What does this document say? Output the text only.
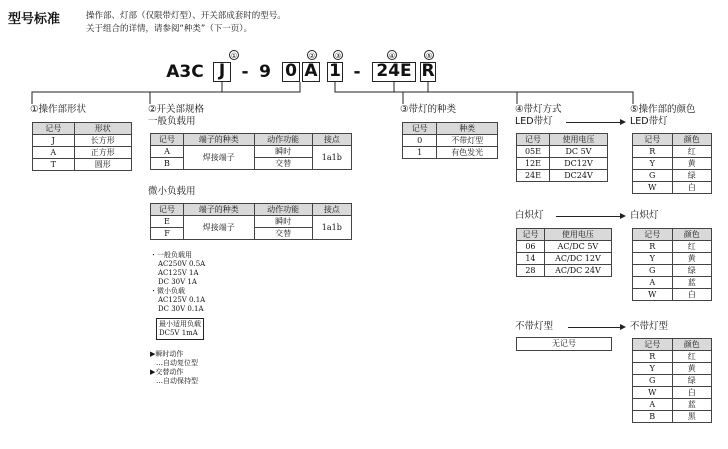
型号标准	操作部、灯部（仅限带灯型）、开关部成套时的型号。
关于组合的详情，请参阅“种类”（下一页）。
①	②	③	④	⑤
A3C J - 9 0 A 1 - 24E R
①操作部形状
记号	形状
J	长方形
A	正方形
T	圆形
②开关部规格
一般负载用
记号	端子的种类	动作功能	接点
A	焊接端子	瞬时	1a1b
B		交替	
微小负载用
记号	端子的种类	动作功能	接点
E	焊接端子	瞬时	1a1b
F		交替	
・一般负载用
AC250V 0.5A
AC125V 1A
DC 30V 1A
・微小负载
AC125V 0.1A
DC 30V 0.1A
最小适用负载
DC5V 1mA
▶瞬时动作
…自动复位型
▶交替动作
…自动保持型
③带灯的种类
记号	种类
0	不带灯型
1	有色发光
④带灯方式
LED带灯
记号	使用电压
05E	DC 5V
12E	DC12V
24E	DC24V
白炽灯
记号	使用电压
06	AC/DC 5V
14	AC/DC 12V
28	AC/DC 24V
不带灯型
无记号
⑤操作部的颜色
LED带灯
记号	颜色
R	红
Y	黄
G	绿
W	白
白炽灯
记号	颜色
R	红
Y	黄
G	绿
A	蓝
W	白
不带灯型
记号	颜色
R	红
Y	黄
G	绿
W	白
A	蓝
B	黑
